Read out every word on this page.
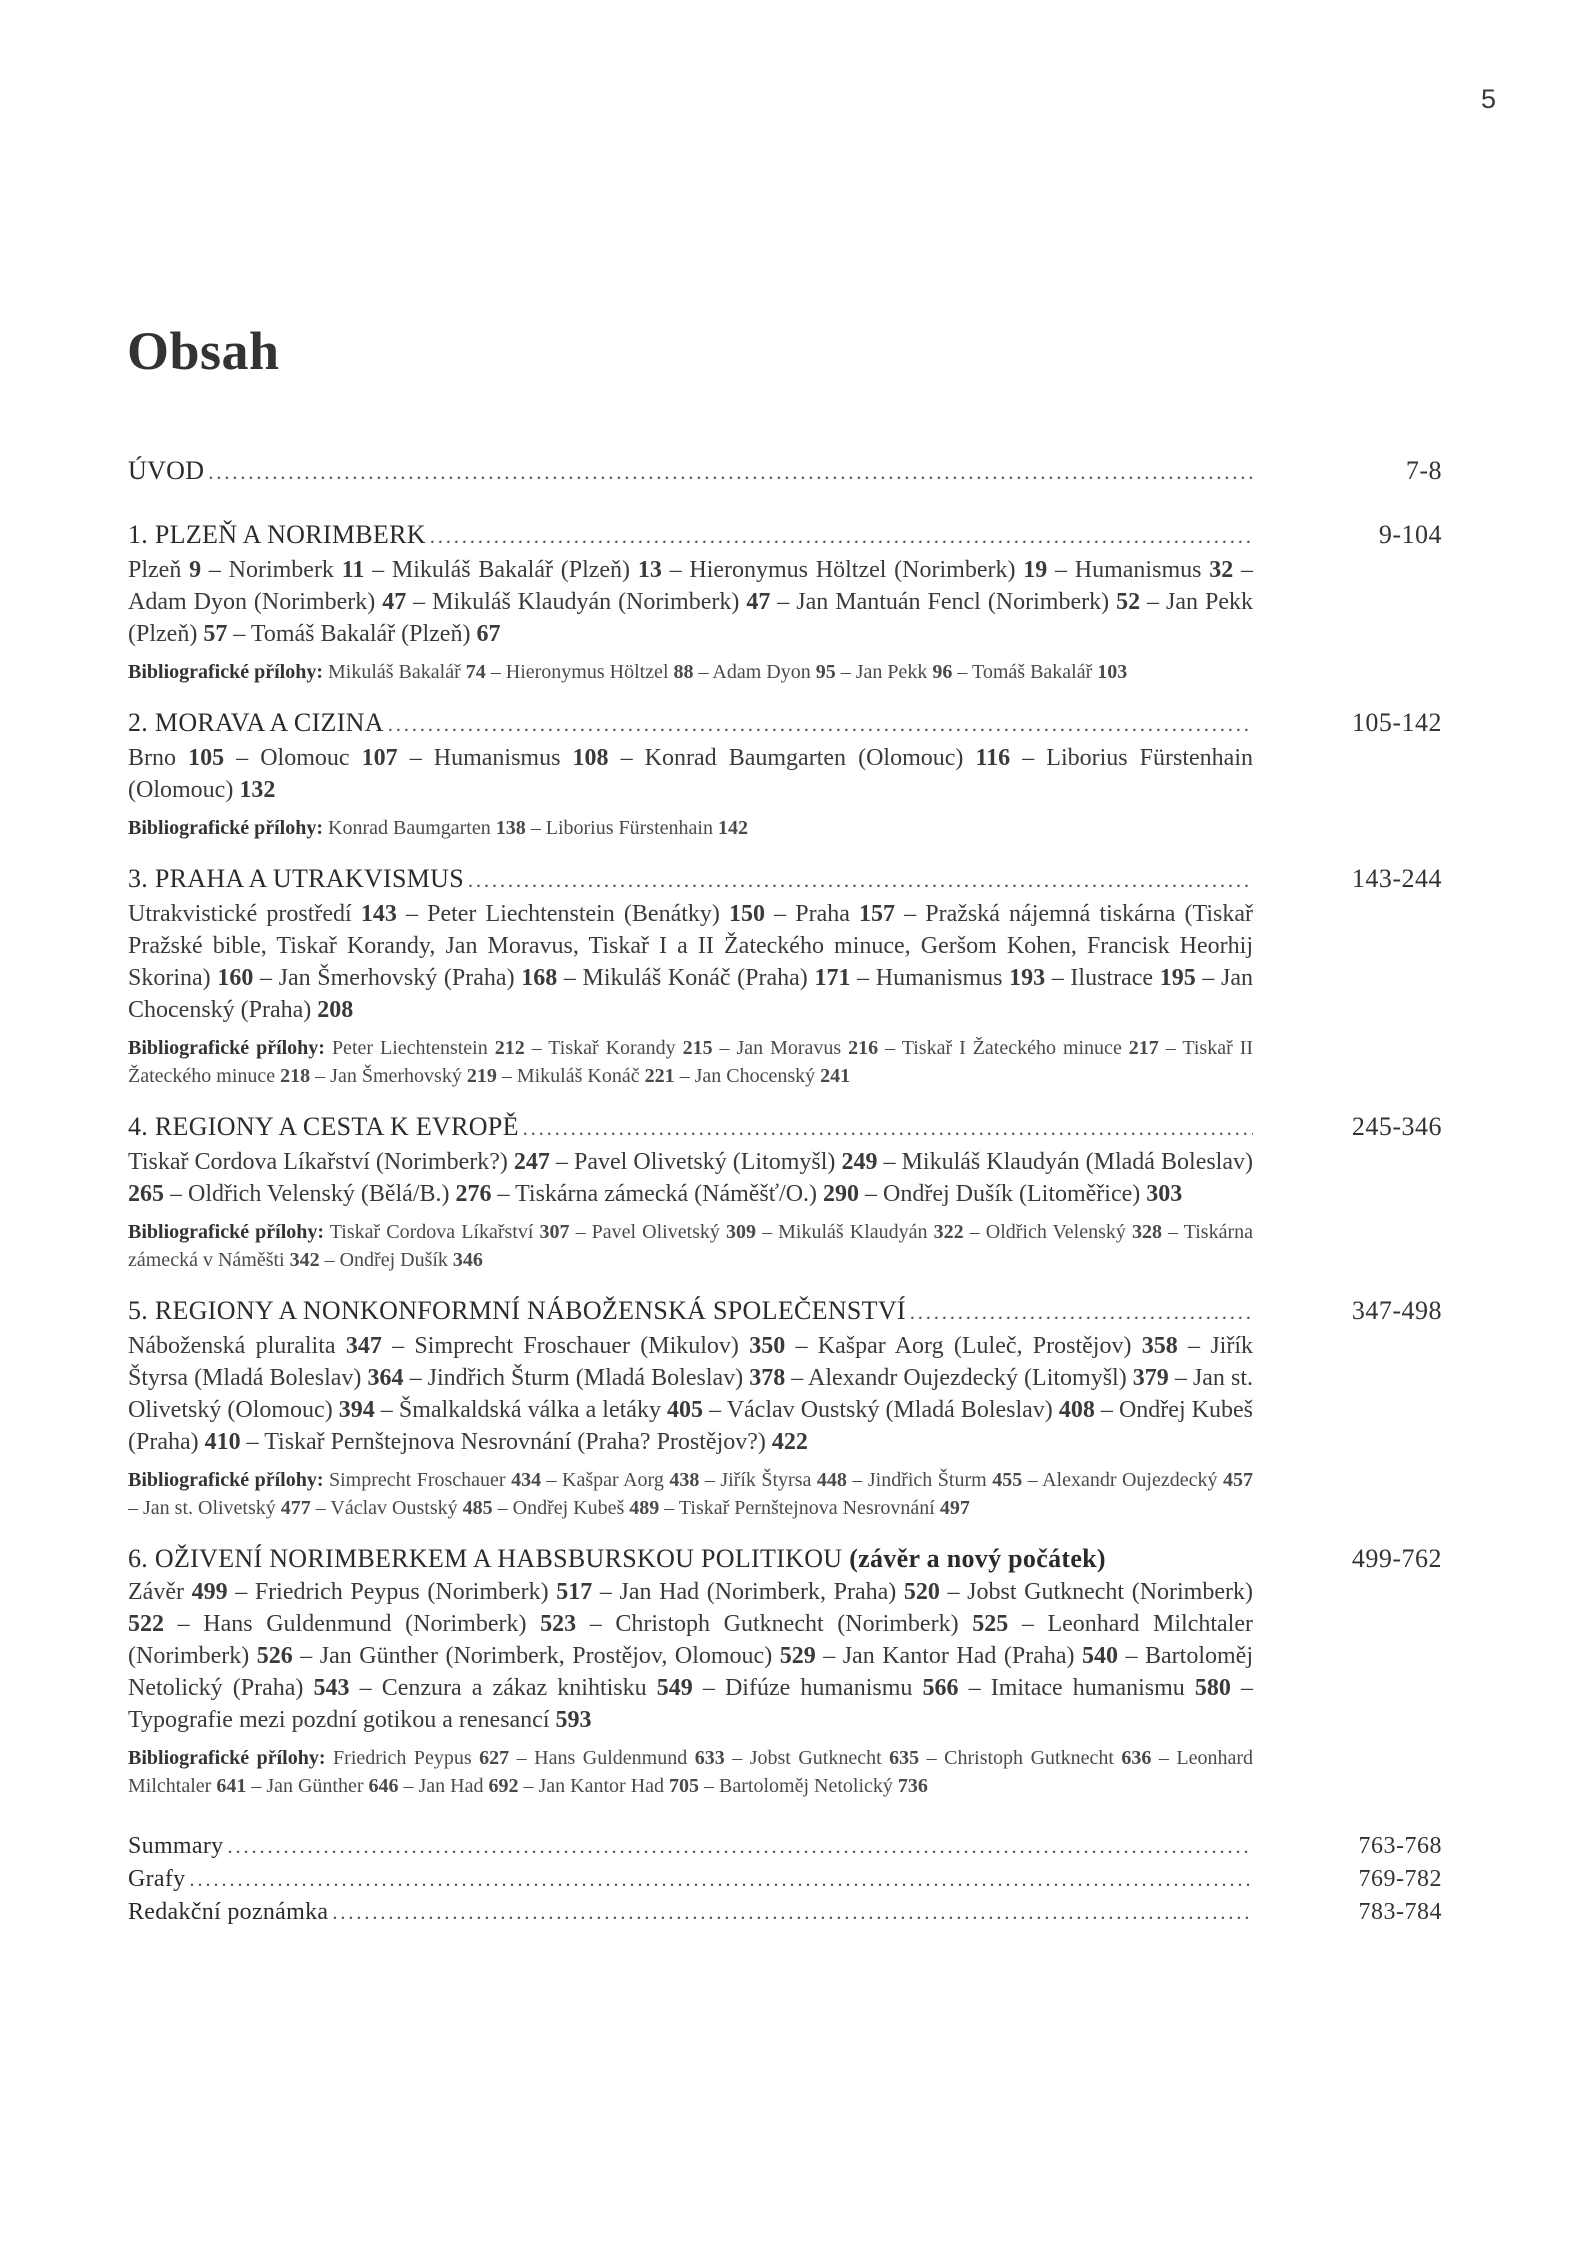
5
Obsah
ÚVOD .....	7-8
1. PLZEŇ A NORIMBERK .....	9-104
Plzeň 9 – Norimberk 11 – Mikuláš Bakalář (Plzeň) 13 – Hieronymus Höltzel (Norimberk) 19 – Humanismus 32 – Adam Dyon (Norimberk) 47 – Mikuláš Klaudyán (Norimberk) 47 – Jan Mantuán Fencl (Norimberk) 52 – Jan Pekk (Plzeň) 57 – Tomáš Bakalář (Plzeň) 67
Bibliografické přílohy: Mikuláš Bakalář 74 – Hieronymus Höltzel 88 – Adam Dyon 95 – Jan Pekk 96 – Tomáš Bakalář 103
2. MORAVA A CIZINA .....	105-142
Brno 105 – Olomouc 107 – Humanismus 108 – Konrad Baumgarten (Olomouc) 116 – Liborius Fürstenhain (Olomouc) 132
Bibliografické přílohy: Konrad Baumgarten 138 – Liborius Fürstenhain 142
3. PRAHA A UTRAKVISMUS .....	143-244
Utrakvistické prostředí 143 – Peter Liechtenstein (Benátky) 150 – Praha 157 – Pražská nájemná tiskárna (Tiskař Pražské bible, Tiskař Korandy, Jan Moravus, Tiskař I a II Žateckého minuce, Geršom Kohen, Francisk Heorhij Skorina) 160 – Jan Šmerhovský (Praha) 168 – Mikuláš Konáč (Praha) 171 – Humanismus 193 – Ilustrace 195 – Jan Chocenský (Praha) 208
Bibliografické přílohy: Peter Liechtenstein 212 – Tiskař Korandy 215 – Jan Moravus 216 – Tiskař I Žateckého minuce 217 – Tiskař II Žateckého minuce 218 – Jan Šmerhovský 219 – Mikuláš Konáč 221 – Jan Chocenský 241
4. REGIONY A CESTA K EVROPĚ .....	245-346
Tiskař Cordova Líkařství (Norimberk?) 247 – Pavel Olivetský (Litomyšl) 249 – Mikuláš Klaudyán (Mladá Boleslav) 265 – Oldřich Velenský (Bělá/B.) 276 – Tiskárna zámecká (Náměšť/O.) 290 – Ondřej Dušík (Litoměřice) 303
Bibliografické přílohy: Tiskař Cordova Líkařství 307 – Pavel Olivetský 309 – Mikuláš Klaudyán 322 – Oldřich Velenský 328 – Tiskárna zámecká v Náměšti 342 – Ondřej Dušík 346
5. REGIONY A NONKONFORMNÍ NÁBOŽENSKÁ SPOLEČENSTVÍ .....	347-498
Náboženská pluralita 347 – Simprecht Froschauer (Mikulov) 350 – Kašpar Aorg (Luleč, Prostějov) 358 – Jiřík Štyrsa (Mladá Boleslav) 364 – Jindřich Šturm (Mladá Boleslav) 378 – Alexandr Oujezdecký (Litomyšl) 379 – Jan st. Olivetský (Olomouc) 394 – Šmalkaldská válka a letáky 405 – Václav Oustský (Mladá Boleslav) 408 – Ondřej Kubeš (Praha) 410 – Tiskař Pernštejnova Nesrovnání (Praha? Prostějov?) 422
Bibliografické přílohy: Simprecht Froschauer 434 – Kašpar Aorg 438 – Jiřík Štyrsa 448 – Jindřich Šturm 455 – Alexandr Oujezdecký 457 – Jan st. Olivetský 477 – Václav Oustský 485 – Ondřej Kubeš 489 – Tiskař Pernštejnova Nesrovnání 497
6. OŽIVENÍ NORIMBERKEM A HABSBURSKOU POLITIKOU
(závěr a nový počátek)	499-762
Závěr 499 – Friedrich Peypus (Norimberk) 517 – Jan Had (Norimberk, Praha) 520 – Jobst Gutknecht (Norimberk) 522 – Hans Guldenmund (Norimberk) 523 – Christoph Gutknecht (Norimberk) 525 – Leonhard Milchtaler (Norimberk) 526 – Jan Günther (Norimberk, Prostějov, Olomouc) 529 – Jan Kantor Had (Praha) 540 – Bartoloměj Netolický (Praha) 543 – Cenzura a zákaz knihtisku 549 – Difúze humanismu 566 – Imitace humanismu 580 – Typografie mezi pozdní gotikou a renesancí 593
Bibliografické přílohy: Friedrich Peypus 627 – Hans Guldenmund 633 – Jobst Gutknecht 635 – Christoph Gutknecht 636 – Leonhard Milchtaler 641 – Jan Günther 646 – Jan Had 692 – Jan Kantor Had 705 – Bartoloměj Netolický 736
Summary .....	763-768
Grafy .....	769-782
Redakční poznámka .....	783-784
